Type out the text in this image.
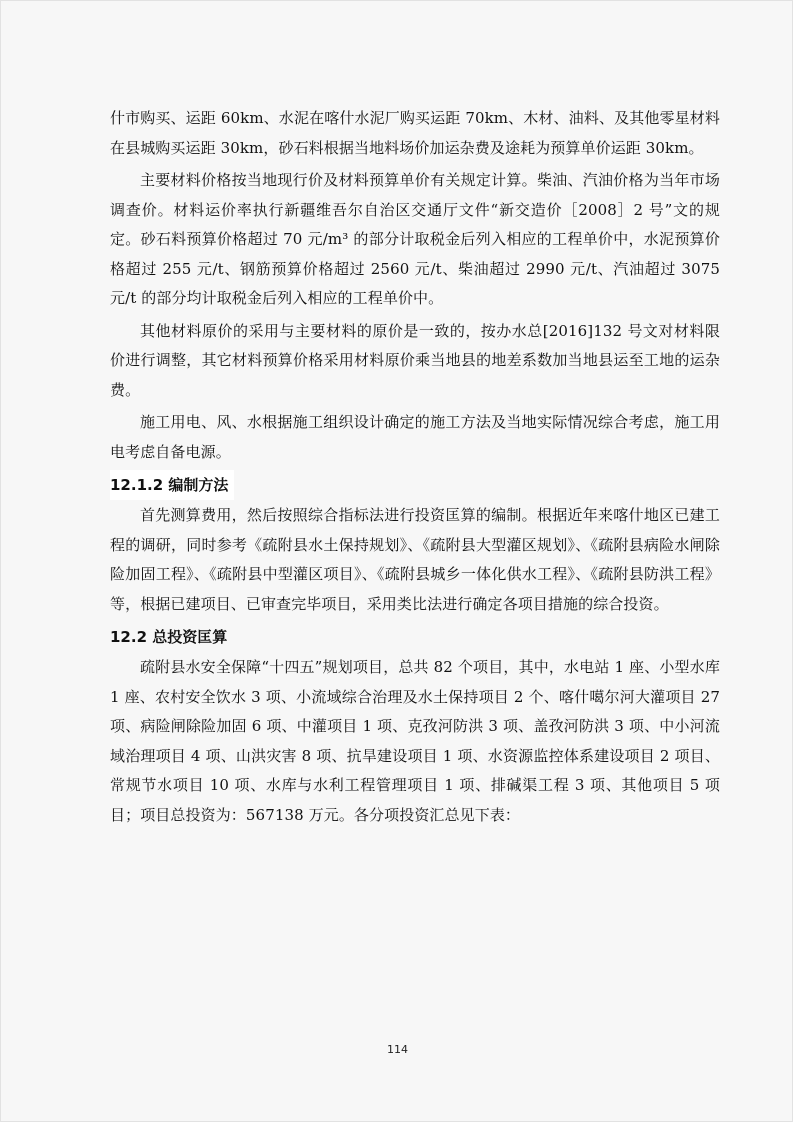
什市购买、运距 60km、水泥在喀什水泥厂购买运距 70km、木材、油料、及其他零星材料在县城购买运距 30km，砂石料根据当地料场价加运杂费及途耗为预算单价运距 30km。

主要材料价格按当地现行价及材料预算单价有关规定计算。柴油、汽油价格为当年市场调查价。材料运价率执行新疆维吾尔自治区交通厅文件“新交造价［2008］2 号”文的规定。砂石料预算价格超过 70 元/m³ 的部分计取税金后列入相应的工程单价中，水泥预算价格超过 255 元/t、钢筋预算价格超过 2560 元/t、柴油超过 2990 元/t、汽油超过 3075 元/t 的部分均计取税金后列入相应的工程单价中。

其他材料原价的采用与主要材料的原价是一致的，按办水总[2016]132 号文对材料限价进行调整，其它材料预算价格采用材料原价乘当地县的地差系数加当地县运至工地的运杂费。

施工用电、风、水根据施工组织设计确定的施工方法及当地实际情况综合考虑，施工用电考虑自备电源。

12.1.2 编制方法

首先测算费用，然后按照综合指标法进行投资匡算的编制。根据近年来喀什地区已建工程的调研，同时参考《疏附县水土保持规划》、《疏附县大型灌区规划》、《疏附县病险水闸除险加固工程》、《疏附县中型灌区项目》、《疏附县城乡一体化供水工程》、《疏附县防洪工程》等，根据已建项目、已审查完毕项目，采用类比法进行确定各项目措施的综合投资。

12.2 总投资匡算

疏附县水安全保障“十四五”规划项目，总共 82 个项目，其中，水电站 1 座、小型水库 1 座、农村安全饮水 3 项、小流域综合治理及水土保持项目 2 个、喀什噶尔河大灌项目 27 项、病险闸除险加固 6 项、中灌项目 1 项、克孜河防洪 3 项、盖孜河防洪 3 项、中小河流域治理项目 4 项、山洪灾害 8 项、抗旱建设项目 1 项、水资源监控体系建设项目 2 项目、常规节水项目 10 项、水库与水利工程管理项目 1 项、排碱渠工程 3 项、其他项目 5 项目；项目总投资为：567138 万元。各分项投资汇总见下表：

114
